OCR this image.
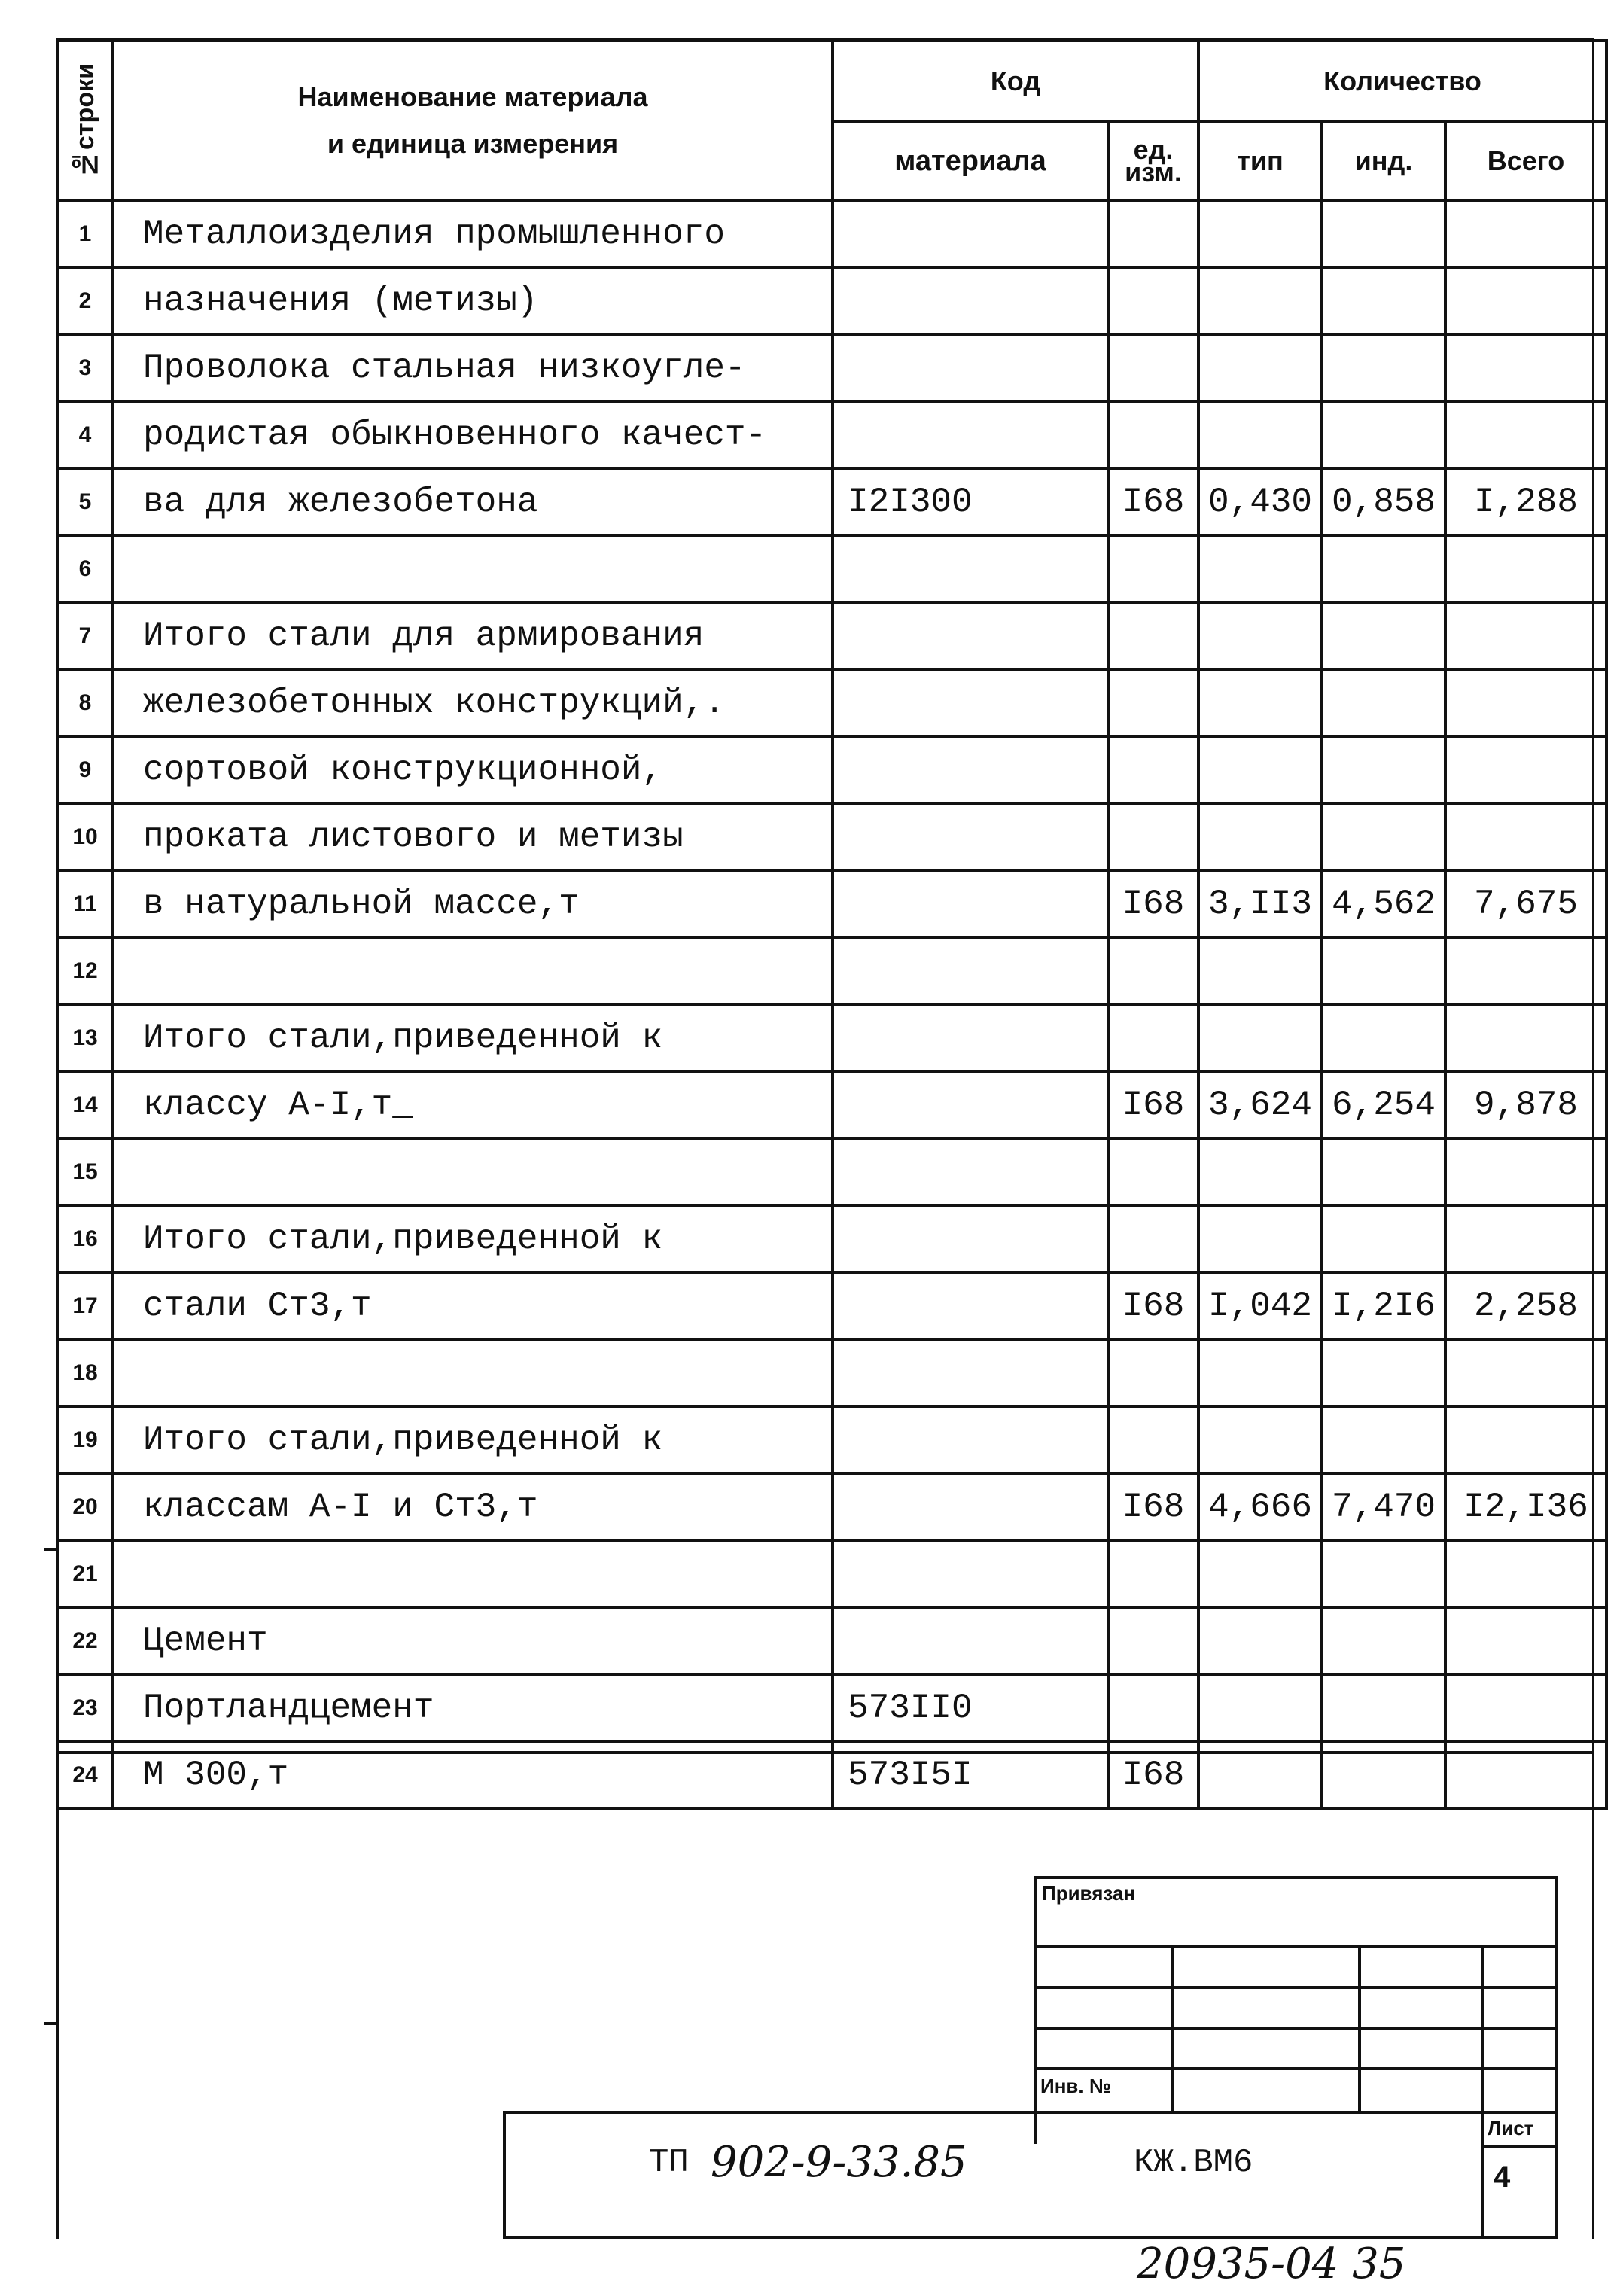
№строки	Наименование материала
и единица измерения	Код		Количество		
		материала	ед. изм.	тип	инд.	Всего
1	Металлоизделия промышленного					
2	назначения (метизы)					
3	Проволока стальная низкоугле-					
4	родистая обыкновенного качест-					
5	ва для железобетона	I2I300	I68	0,430	0,858	I,288
6						
7	Итого стали для армирования					
8	железобетонных конструкций,.					
9	сортовой конструкционной,					
10	проката листового и метизы					
11	в натуральной массе,т		I68	3,II3	4,562	7,675
12						
13	Итого стали,приведенной к					
14	классу А-I,т_		I68	3,624	6,254	9,878
15						
16	Итого стали,приведенной к					
17	стали Ст3,т		I68	I,042	I,2I6	2,258
18						
19	Итого стали,приведенной к					
20	классам А-I и Ст3,т		I68	4,666	7,470	I2,I36
21						
22	Цемент					
23	Портландцемент	573II0				
24	М 300,т	573I5I	I68			
Привязан
Инв. №
ТП 902-9-33.85	КЖ.ВМ6
Лист
4
20935-04 35
